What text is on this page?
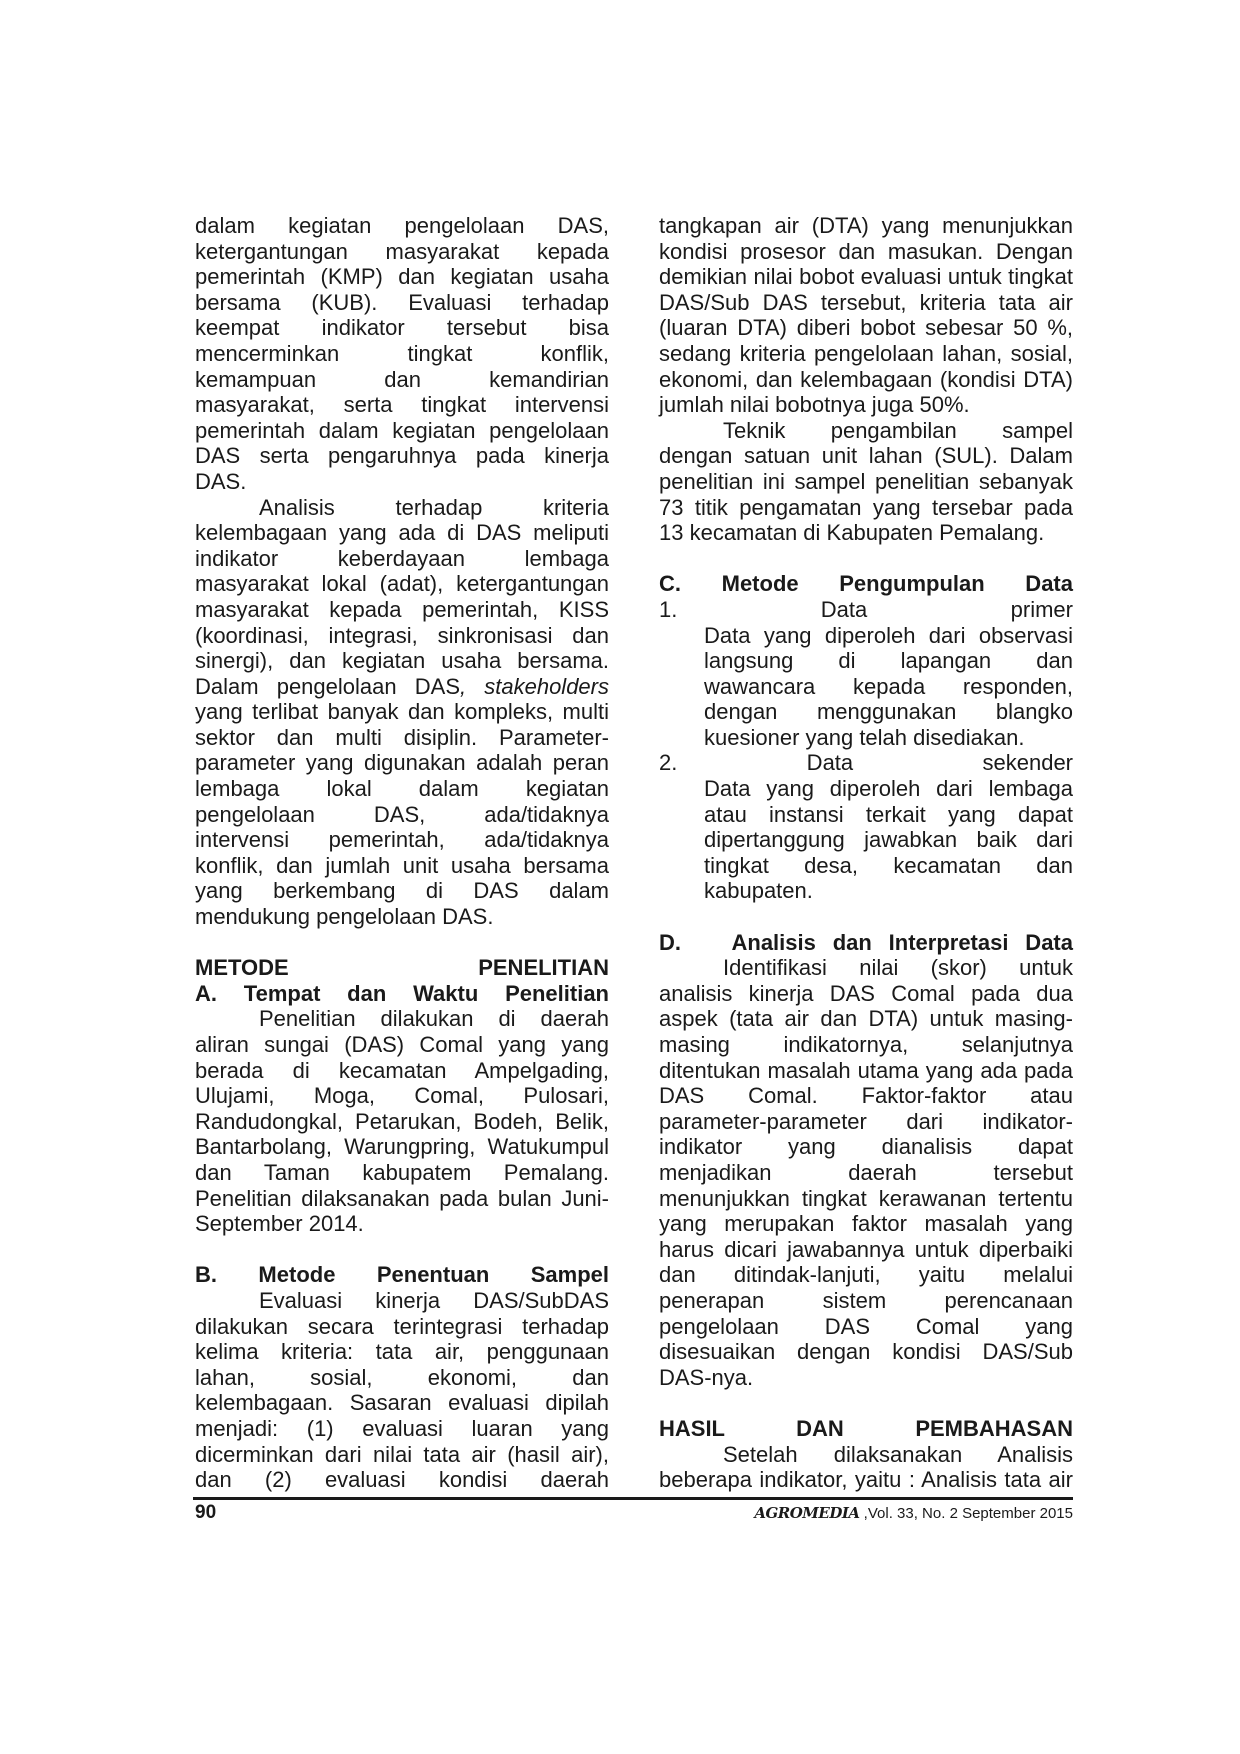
dalam kegiatan pengelolaan DAS,

ketergantungan masyarakat kepada

pemerintah (KMP) dan kegiatan usaha

bersama (KUB). Evaluasi terhadap

keempat indikator tersebut bisa

mencerminkan tingkat konflik,

kemampuan dan kemandirian

masyarakat, serta tingkat intervensi

pemerintah dalam kegiatan pengelolaan

DAS serta pengaruhnya pada kinerja

DAS.

Analisis terhadap kriteria

kelembagaan yang ada di DAS meliputi

indikator keberdayaan lembaga

masyarakat lokal (adat), ketergantungan

masyarakat kepada pemerintah, KISS

(koordinasi, integrasi, sinkronisasi dan

sinergi), dan kegiatan usaha bersama.

Dalam pengelolaan DAS, stakeholders

yang terlibat banyak dan kompleks, multi

sektor dan multi disiplin. Parameter-

parameter yang digunakan adalah peran

lembaga lokal dalam kegiatan

pengelolaan DAS, ada/tidaknya

intervensi pemerintah, ada/tidaknya

konflik, dan jumlah unit usaha bersama

yang berkembang di DAS dalam

mendukung pengelolaan DAS.

METODE PENELITIAN

A. Tempat dan Waktu Penelitian

Penelitian dilakukan di daerah

aliran sungai (DAS) Comal yang yang

berada di kecamatan Ampelgading,

Ulujami, Moga, Comal, Pulosari,

Randudongkal, Petarukan, Bodeh, Belik,

Bantarbolang, Warungpring, Watukumpul

dan Taman kabupatem Pemalang.

Penelitian dilaksanakan pada bulan Juni-

September 2014.

B. Metode Penentuan Sampel

Evaluasi kinerja DAS/SubDAS

dilakukan secara terintegrasi terhadap

kelima kriteria: tata air, penggunaan

lahan, sosial, ekonomi, dan

kelembagaan. Sasaran evaluasi dipilah

menjadi: (1) evaluasi luaran yang

dicerminkan dari nilai tata air (hasil air),

dan (2) evaluasi kondisi daerah

tangkapan air (DTA) yang menunjukkan

kondisi prosesor dan masukan. Dengan

demikian nilai bobot evaluasi untuk tingkat

DAS/Sub DAS tersebut, kriteria tata air

(luaran DTA) diberi bobot sebesar 50 %,

sedang kriteria pengelolaan lahan, sosial,

ekonomi, dan kelembagaan (kondisi DTA)

jumlah nilai bobotnya juga 50%.

Teknik pengambilan sampel

dengan satuan unit lahan (SUL). Dalam

penelitian ini sampel penelitian sebanyak

73 titik pengamatan yang tersebar pada

13 kecamatan di Kabupaten Pemalang.

C. Metode Pengumpulan Data

1. Data primer

Data yang diperoleh dari observasi

langsung di lapangan dan

wawancara kepada responden,

dengan menggunakan blangko

kuesioner yang telah disediakan.

2. Data sekender

Data yang diperoleh dari lembaga

atau instansi terkait yang dapat

dipertanggung jawabkan baik dari

tingkat desa, kecamatan dan

kabupaten.

D.   Analisis dan Interpretasi Data

Identifikasi nilai (skor) untuk

analisis kinerja DAS Comal pada dua

aspek (tata air dan DTA) untuk masing-

masing indikatornya, selanjutnya

ditentukan masalah utama yang ada pada

DAS Comal. Faktor-faktor atau

parameter-parameter dari indikator-

indikator yang dianalisis dapat

menjadikan daerah tersebut

menunjukkan tingkat kerawanan tertentu

yang merupakan faktor masalah yang

harus dicari jawabannya untuk diperbaiki

dan ditindak-lanjuti, yaitu melalui

penerapan sistem perencanaan

pengelolaan DAS Comal yang

disesuaikan dengan kondisi DAS/Sub

DAS-nya.

HASIL DAN PEMBAHASAN

Setelah dilaksanakan Analisis

beberapa indikator, yaitu : Analisis tata air

90	AGROMEDIA ,Vol. 33, No. 2 September 2015
